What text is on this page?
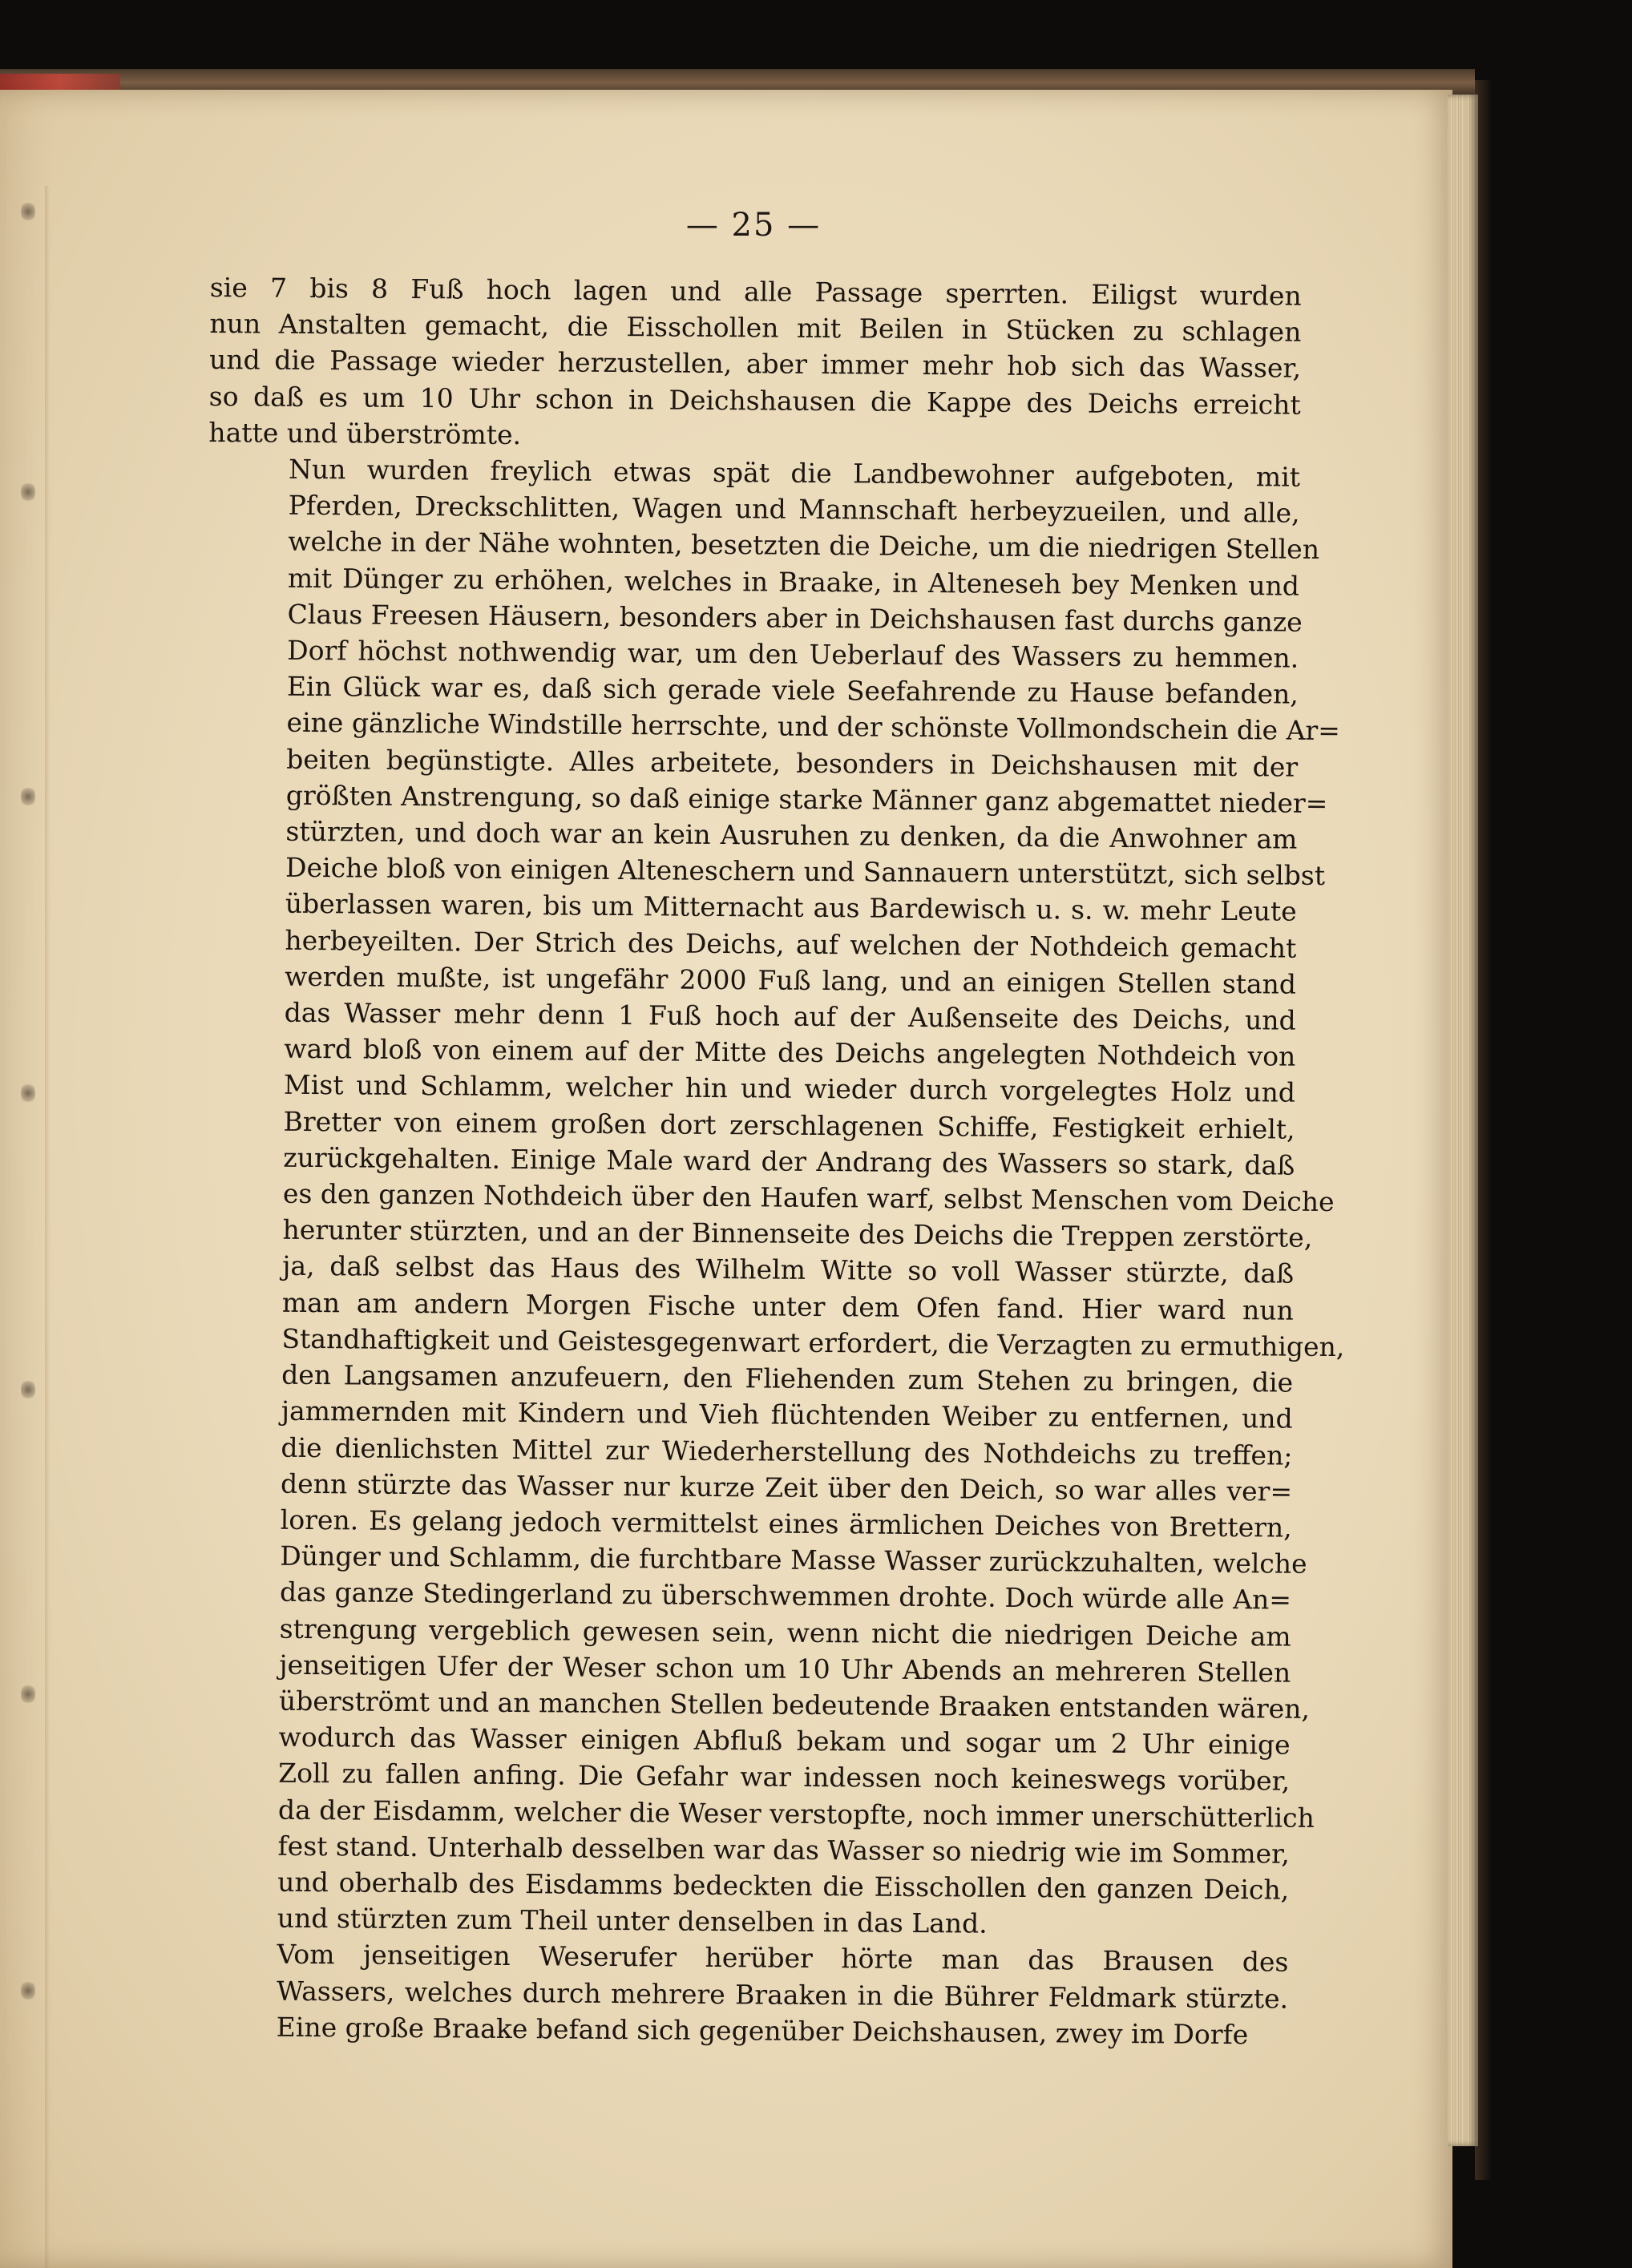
— 25 —

sie 7 bis 8 Fuß hoch lagen und alle Passage sperrten. Eiligst wurden
nun Anstalten gemacht, die Eisschollen mit Beilen in Stücken zu schlagen
und die Passage wieder herzustellen, aber immer mehr hob sich das Wasser,
so daß es um 10 Uhr schon in Deichshausen die Kappe des Deichs erreicht
hatte und überströmte.

Nun wurden freylich etwas spät die Landbewohner aufgeboten, mit
Pferden, Dreckschlitten, Wagen und Mannschaft herbeyzueilen, und alle,
welche in der Nähe wohnten, besetzten die Deiche, um die niedrigen Stellen
mit Dünger zu erhöhen, welches in Braake, in Alteneseh bey Menken und
Claus Freesen Häusern, besonders aber in Deichshausen fast durchs ganze
Dorf höchst nothwendig war, um den Ueberlauf des Wassers zu hemmen.
Ein Glück war es, daß sich gerade viele Seefahrende zu Hause befanden,
eine gänzliche Windstille herrschte, und der schönste Vollmondschein die Ar=
beiten begünstigte. Alles arbeitete, besonders in Deichshausen mit der
größten Anstrengung, so daß einige starke Männer ganz abgemattet nieder=
stürzten, und doch war an kein Ausruhen zu denken, da die Anwohner am
Deiche bloß von einigen Alteneschern und Sannauern unterstützt, sich selbst
überlassen waren, bis um Mitternacht aus Bardewisch u. s. w. mehr Leute
herbeyeilten. Der Strich des Deichs, auf welchen der Nothdeich gemacht
werden mußte, ist ungefähr 2000 Fuß lang, und an einigen Stellen stand
das Wasser mehr denn 1 Fuß hoch auf der Außenseite des Deichs, und
ward bloß von einem auf der Mitte des Deichs angelegten Nothdeich von
Mist und Schlamm, welcher hin und wieder durch vorgelegtes Holz und
Bretter von einem großen dort zerschlagenen Schiffe, Festigkeit erhielt,
zurückgehalten. Einige Male ward der Andrang des Wassers so stark, daß
es den ganzen Nothdeich über den Haufen warf, selbst Menschen vom Deiche
herunter stürzten, und an der Binnenseite des Deichs die Treppen zerstörte,
ja, daß selbst das Haus des Wilhelm Witte so voll Wasser stürzte, daß
man am andern Morgen Fische unter dem Ofen fand. Hier ward nun
Standhaftigkeit und Geistesgegenwart erfordert, die Verzagten zu ermuthigen,
den Langsamen anzufeuern, den Fliehenden zum Stehen zu bringen, die
jammernden mit Kindern und Vieh flüchtenden Weiber zu entfernen, und
die dienlichsten Mittel zur Wiederherstellung des Nothdeichs zu treffen;
denn stürzte das Wasser nur kurze Zeit über den Deich, so war alles ver=
loren. Es gelang jedoch vermittelst eines ärmlichen Deiches von Brettern,
Dünger und Schlamm, die furchtbare Masse Wasser zurückzuhalten, welche
das ganze Stedingerland zu überschwemmen drohte. Doch würde alle An=
strengung vergeblich gewesen sein, wenn nicht die niedrigen Deiche am
jenseitigen Ufer der Weser schon um 10 Uhr Abends an mehreren Stellen
überströmt und an manchen Stellen bedeutende Braaken entstanden wären,
wodurch das Wasser einigen Abfluß bekam und sogar um 2 Uhr einige
Zoll zu fallen anfing. Die Gefahr war indessen noch keineswegs vorüber,
da der Eisdamm, welcher die Weser verstopfte, noch immer unerschütterlich
fest stand. Unterhalb desselben war das Wasser so niedrig wie im Sommer,
und oberhalb des Eisdamms bedeckten die Eisschollen den ganzen Deich,
und stürzten zum Theil unter denselben in das Land.

Vom jenseitigen Weserufer herüber hörte man das Brausen des
Wassers, welches durch mehrere Braaken in die Bührer Feldmark stürzte.
Eine große Braake befand sich gegenüber Deichshausen, zwey im Dorfe
